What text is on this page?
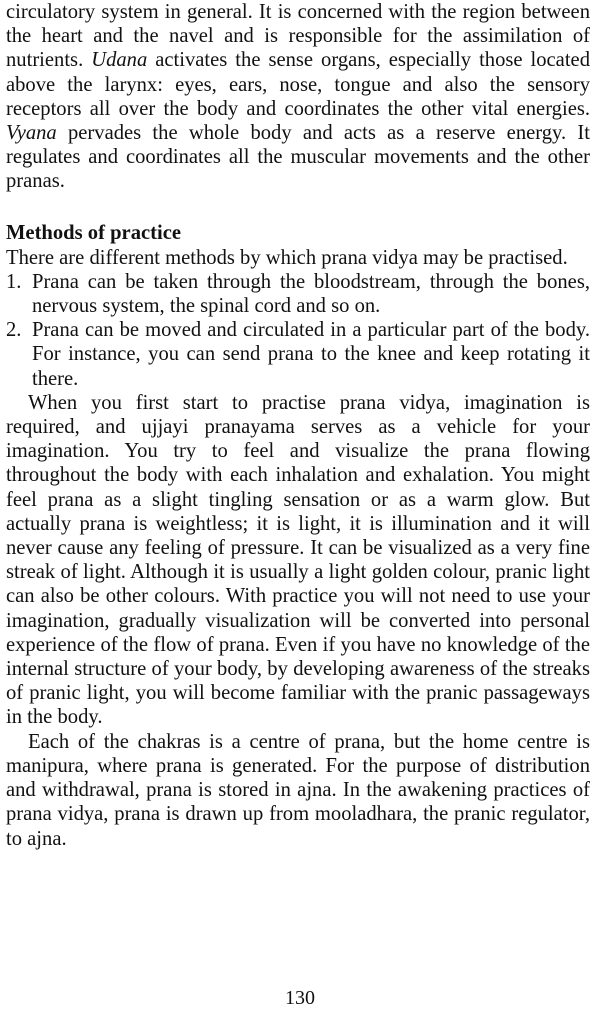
circulatory system in general. It is concerned with the region between the heart and the navel and is responsible for the assimilation of nutrients. Udana activates the sense organs, especially those located above the larynx: eyes, ears, nose, tongue and also the sensory receptors all over the body and coordinates the other vital energies. Vyana pervades the whole body and acts as a reserve energy. It regulates and coordinates all the muscular movements and the other pranas.

Methods of practice

There are different methods by which prana vidya may be practised.

1. Prana can be taken through the bloodstream, through the bones, nervous system, the spinal cord and so on.
2. Prana can be moved and circulated in a particular part of the body. For instance, you can send prana to the knee and keep rotating it there.

When you first start to practise prana vidya, imagination is required, and ujjayi pranayama serves as a vehicle for your imagination. You try to feel and visualize the prana flowing throughout the body with each inhalation and exhalation. You might feel prana as a slight tingling sensation or as a warm glow. But actually prana is weightless; it is light, it is illumination and it will never cause any feeling of pressure. It can be visualized as a very fine streak of light. Although it is usually a light golden colour, pranic light can also be other colours. With practice you will not need to use your imagination, gradually visualization will be converted into personal experience of the flow of prana. Even if you have no knowledge of the internal structure of your body, by developing awareness of the streaks of pranic light, you will become familiar with the pranic passageways in the body.

Each of the chakras is a centre of prana, but the home centre is manipura, where prana is generated. For the purpose of distribution and withdrawal, prana is stored in ajna. In the awakening practices of prana vidya, prana is drawn up from mooladhara, the pranic regulator, to ajna.

130
